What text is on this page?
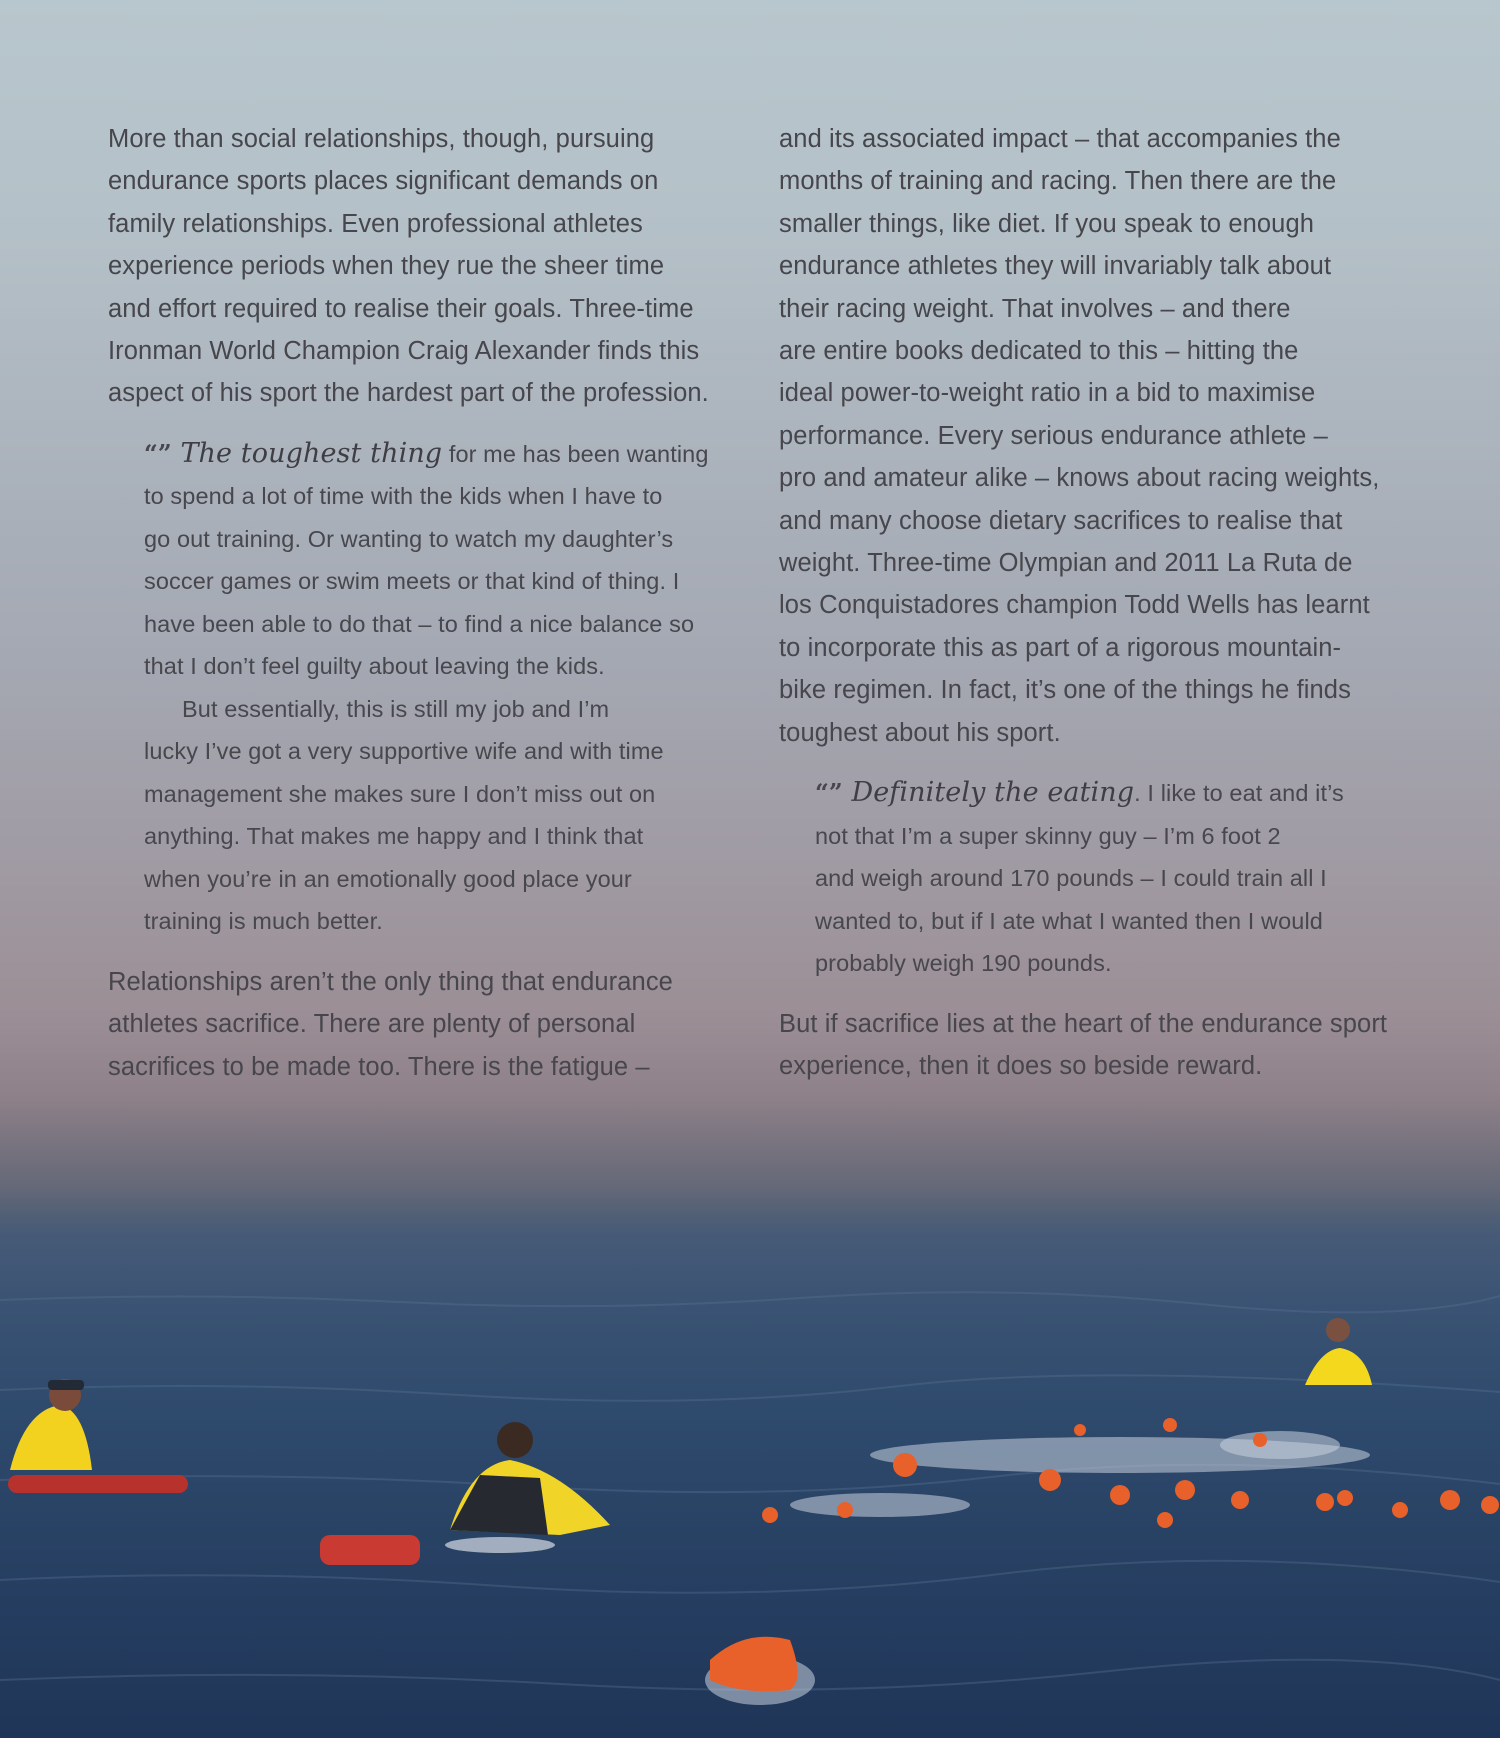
More than social relationships, though, pursuing
endurance sports places significant demands on
family relationships. Even professional athletes
experience periods when they rue the sheer time
and effort required to realise their goals. Three-time
Ironman World Champion Craig Alexander finds this
aspect of his sport the hardest part of the profession.

“” The toughest thing for me has been wanting
to spend a lot of time with the kids when I have to
go out training. Or wanting to watch my daughter’s
soccer games or swim meets or that kind of thing. I
have been able to do that – to find a nice balance so
that I don’t feel guilty about leaving the kids.
But essentially, this is still my job and I’m
lucky I’ve got a very supportive wife and with time
management she makes sure I don’t miss out on
anything. That makes me happy and I think that
when you’re in an emotionally good place your
training is much better.

Relationships aren’t the only thing that endurance
athletes sacrifice. There are plenty of personal
sacrifices to be made too. There is the fatigue –

and its associated impact – that accompanies the
months of training and racing. Then there are the
smaller things, like diet. If you speak to enough
endurance athletes they will invariably talk about
their racing weight. That involves – and there
are entire books dedicated to this – hitting the
ideal power-to-weight ratio in a bid to maximise
performance. Every serious endurance athlete –
pro and amateur alike – knows about racing weights,
and many choose dietary sacrifices to realise that
weight. Three-time Olympian and 2011 La Ruta de
los Conquistadores champion Todd Wells has learnt
to incorporate this as part of a rigorous mountain-
bike regimen. In fact, it’s one of the things he finds
toughest about his sport.

“” Definitely the eating. I like to eat and it’s
not that I’m a super skinny guy – I’m 6 foot 2
and weigh around 170 pounds – I could train all I
wanted to, but if I ate what I wanted then I would
probably weigh 190 pounds.

But if sacrifice lies at the heart of the endurance sport
experience, then it does so beside reward.
